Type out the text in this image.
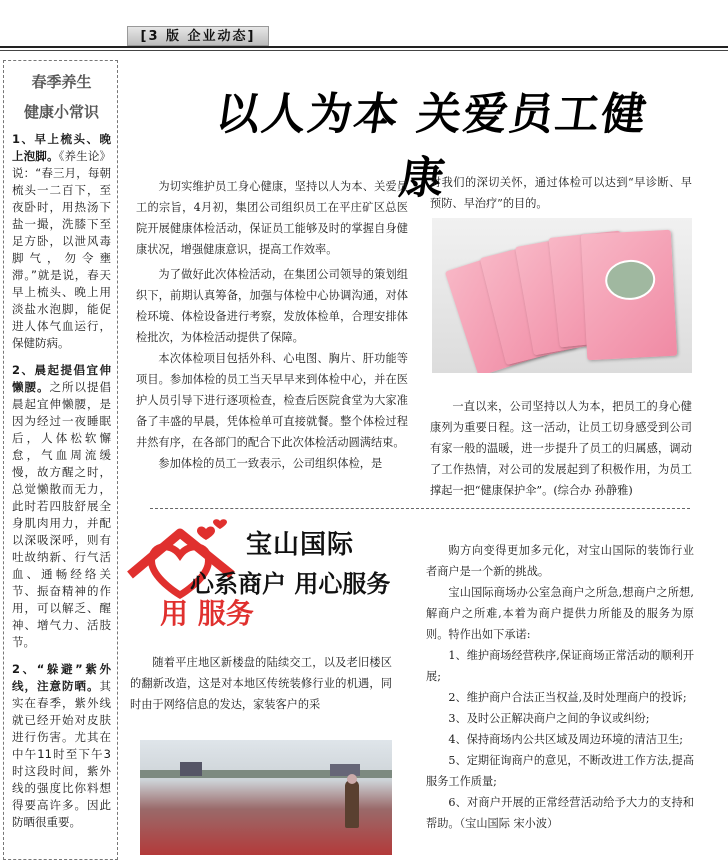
[3 版 企业动态]
春季养生
健康小常识
1、早上梳头、晚上泡脚。《养生论》说：“春三月，每朝梳头一二百下，至夜卧时，用热汤下盐一撮，洗膝下至足方卧，以泄风毒脚气，勿令壅滞。”就是说，春天早上梳头、晚上用淡盐水泡脚，能促进人体气血运行，保健防病。
2、晨起提倡宜伸懒腰。之所以提倡晨起宜伸懒腰，是因为经过一夜睡眠后，人体松软懈怠，气血周流缓慢，故方醒之时，总觉懒散而无力，此时若四肢舒展全身肌肉用力，并配以深吸深呼，则有吐故纳新、行气活血、通畅经络关节、振奋精神的作用，可以解乏、醒神、增气力、活肢节。
2、“躲避”紫外线，注意防晒。其实在春季，紫外线就已经开始对皮肤进行伤害。尤其在中午11时至下午3时这段时间，紫外线的强度比你料想得要高许多。因此防晒很重要。
以人为本 关爱员工健康

为切实维护员工身心健康，坚持以人为本、关爱员工的宗旨，4月初，集团公司组织员工在平庄矿区总医院开展健康体检活动，保证员工能够及时的掌握自身健康状况，增强健康意识，提高工作效率。

为了做好此次体检活动，在集团公司领导的策划组织下，前期认真筹备，加强与体检中心协调沟通，对体检环境、体检设备进行考察，发放体检单，合理安排体检批次，为体检活动提供了保障。

本次体检项目包括外科、心电图、胸片、肝功能等项目。参加体检的员工当天早早来到体检中心，并在医护人员引导下进行逐项检查，检查后医院食堂为大家准备了丰盛的早晨，凭体检单可直接就餐。整个体检过程井然有序，在各部门的配合下此次体检活动圆满结束。

参加体检的员工一致表示，公司组织体检，是

对我们的深切关怀，通过体检可以达到“早诊断、早预防、早治疗”的目的。

一直以来，公司坚持以人为本，把员工的身心健康列为重要日程。这一活动，让员工切身感受到公司有家一般的温暖，进一步提升了员工的归属感，调动了工作热情，对公司的发展起到了积极作用，为员工撑起一把“健康保护伞”。(综合办 孙静雅)

用 服务
宝山国际
心系商户 用心服务

随着平庄地区新楼盘的陆续交工，以及老旧楼区的翻新改造，这是对本地区传统装修行业的机遇，同时由于网络信息的发达，家装客户的采

购方向变得更加多元化，对宝山国际的装饰行业者商户是一个新的挑战。

宝山国际商场办公室急商户之所急,想商户之所想,解商户之所难,本着为商户提供力所能及的服务为原则。特作出如下承诺:

1、维护商场经营秩序,保证商场正常活动的顺利开展;

2、维护商户合法正当权益,及时处理商户的投诉;

3、及时公正解决商户之间的争议或纠纷;

4、保持商场内公共区域及周边环境的清洁卫生;

5、定期征询商户的意见，不断改进工作方法,提高服务工作质量;

6、对商户开展的正常经营活动给予大力的支持和帮助。（宝山国际 宋小波）
